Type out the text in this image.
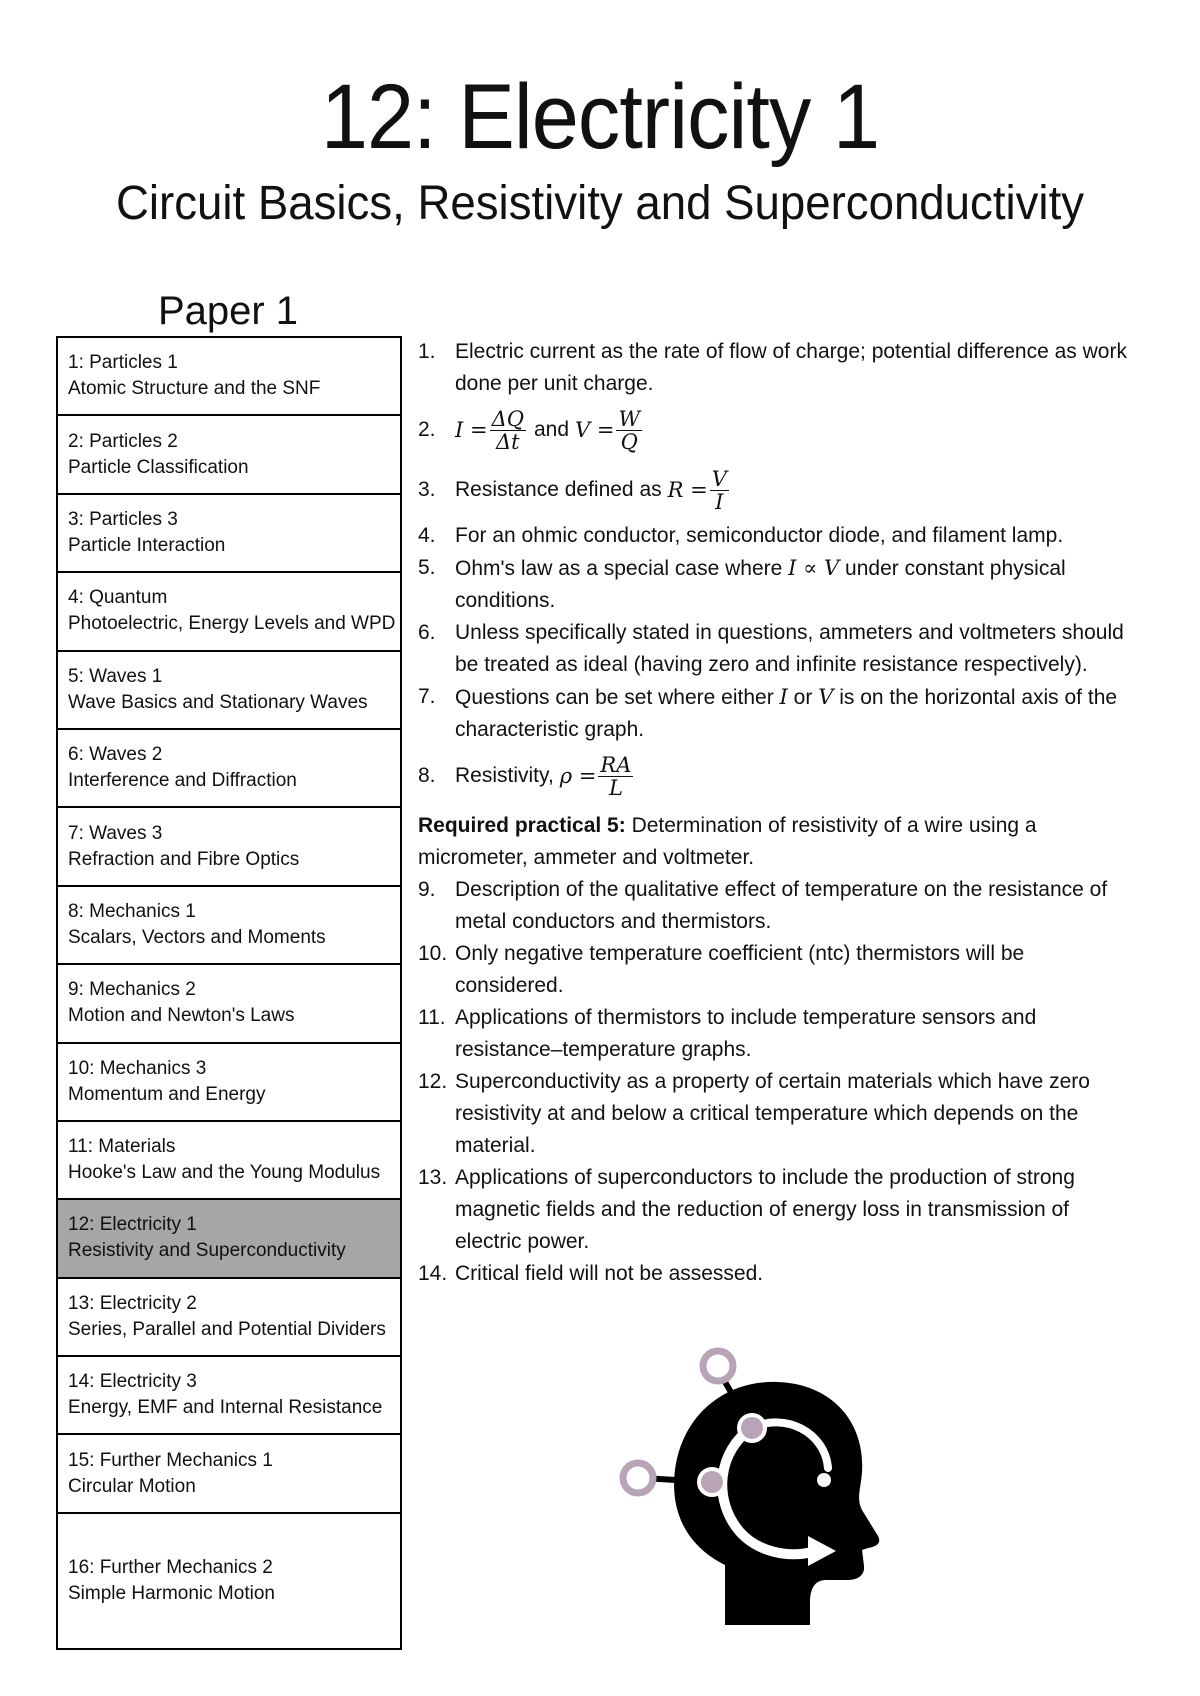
12: Electricity 1
Circuit Basics, Resistivity and Superconductivity
Paper 1
1: Particles 1
Atomic Structure and the SNF
2: Particles 2
Particle Classification
3: Particles 3
Particle Interaction
4: Quantum
Photoelectric, Energy Levels and WPD
5: Waves 1
Wave Basics and Stationary Waves
6: Waves 2
Interference and Diffraction
7: Waves 3
Refraction and Fibre Optics
8: Mechanics 1
Scalars, Vectors and Moments
9: Mechanics 2
Motion and Newton's Laws
10: Mechanics 3
Momentum and Energy
11: Materials
Hooke's Law and the Young Modulus
12: Electricity 1
Resistivity and Superconductivity
13: Electricity 2
Series, Parallel and Potential Dividers
14: Electricity 3
Energy, EMF and Internal Resistance
15: Further Mechanics 1
Circular Motion
16: Further Mechanics 2
Simple Harmonic Motion
1. Electric current as the rate of flow of charge; potential difference as work done per unit charge.
2. $I = \frac{\Delta Q}{\Delta t}$ and $V = \frac{W}{Q}$
3. Resistance defined as $R = \frac{V}{I}$
4. For an ohmic conductor, semiconductor diode, and filament lamp.
5. Ohm's law as a special case where I ∝ V under constant physical conditions.
6. Unless specifically stated in questions, ammeters and voltmeters should be treated as ideal (having zero and infinite resistance respectively).
7. Questions can be set where either I or V is on the horizontal axis of the characteristic graph.
8. Resistivity, $\rho = \frac{RA}{L}$
Required practical 5: Determination of resistivity of a wire using a micrometer, ammeter and voltmeter.
9. Description of the qualitative effect of temperature on the resistance of metal conductors and thermistors.
10. Only negative temperature coefficient (ntc) thermistors will be considered.
11. Applications of thermistors to include temperature sensors and resistance–temperature graphs.
12. Superconductivity as a property of certain materials which have zero resistivity at and below a critical temperature which depends on the material.
13. Applications of superconductors to include the production of strong magnetic fields and the reduction of energy loss in transmission of electric power.
14. Critical field will not be assessed.
